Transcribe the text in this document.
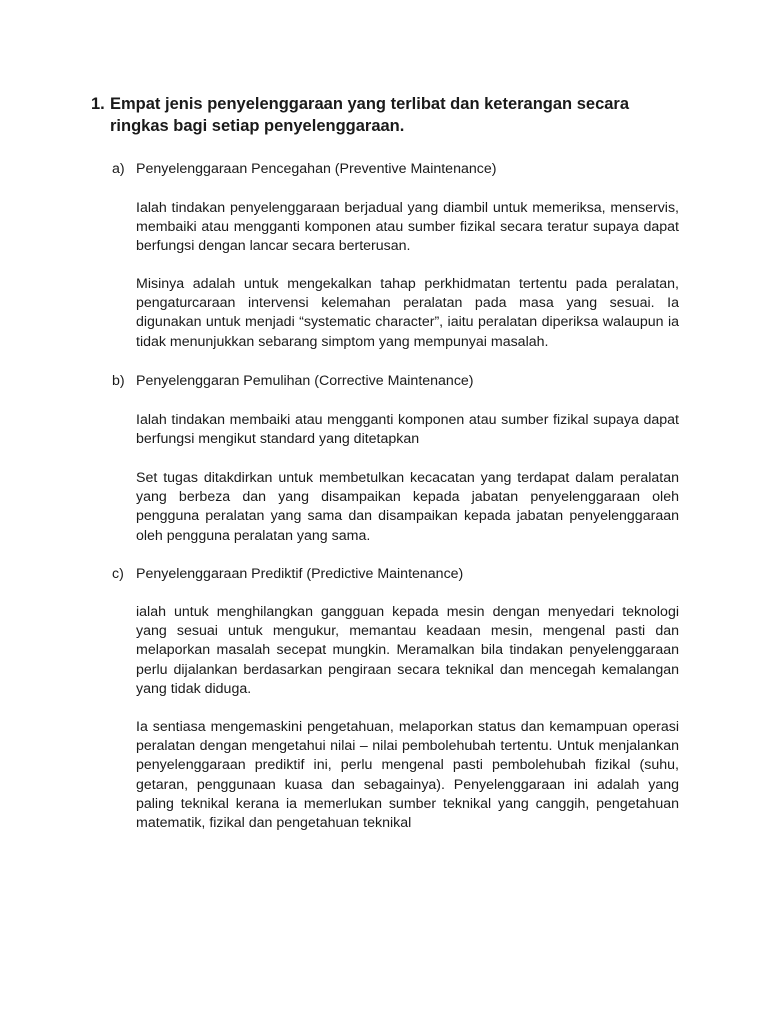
1. Empat jenis penyelenggaraan yang terlibat dan keterangan secara ringkas bagi setiap penyelenggaraan.
a) Penyelenggaraan Pencegahan (Preventive Maintenance)

Ialah tindakan penyelenggaraan berjadual yang diambil untuk memeriksa, menservis, membaiki atau mengganti komponen atau sumber fizikal secara teratur supaya dapat berfungsi dengan lancar secara berterusan.

Misinya adalah untuk mengekalkan tahap perkhidmatan tertentu pada peralatan, pengaturcaraan intervensi kelemahan peralatan pada masa yang sesuai. Ia digunakan untuk menjadi “systematic character”, iaitu peralatan diperiksa walaupun ia tidak menunjukkan sebarang simptom yang mempunyai masalah.

b) Penyelenggaran Pemulihan (Corrective Maintenance)

Ialah tindakan membaiki atau mengganti komponen atau sumber fizikal supaya dapat berfungsi mengikut standard yang ditetapkan

Set tugas ditakdirkan untuk membetulkan kecacatan yang terdapat dalam peralatan yang berbeza dan yang disampaikan kepada jabatan penyelenggaraan oleh pengguna peralatan yang sama dan disampaikan kepada jabatan penyelenggaraan oleh pengguna peralatan yang sama.

c) Penyelenggaraan Prediktif (Predictive Maintenance)

ialah untuk menghilangkan gangguan kepada mesin dengan menyedari teknologi yang sesuai untuk mengukur, memantau keadaan mesin, mengenal pasti dan melaporkan masalah secepat mungkin. Meramalkan bila tindakan penyelenggaraan perlu dijalankan berdasarkan pengiraan secara teknikal dan mencegah kemalangan yang tidak diduga.

Ia sentiasa mengemaskini pengetahuan, melaporkan status dan kemampuan operasi peralatan dengan mengetahui nilai – nilai pembolehubah tertentu. Untuk menjalankan penyelenggaraan prediktif ini, perlu mengenal pasti pembolehubah fizikal (suhu, getaran, penggunaan kuasa dan sebagainya). Penyelenggaraan ini adalah yang paling teknikal kerana ia memerlukan sumber teknikal yang canggih, pengetahuan matematik, fizikal dan pengetahuan teknikal
